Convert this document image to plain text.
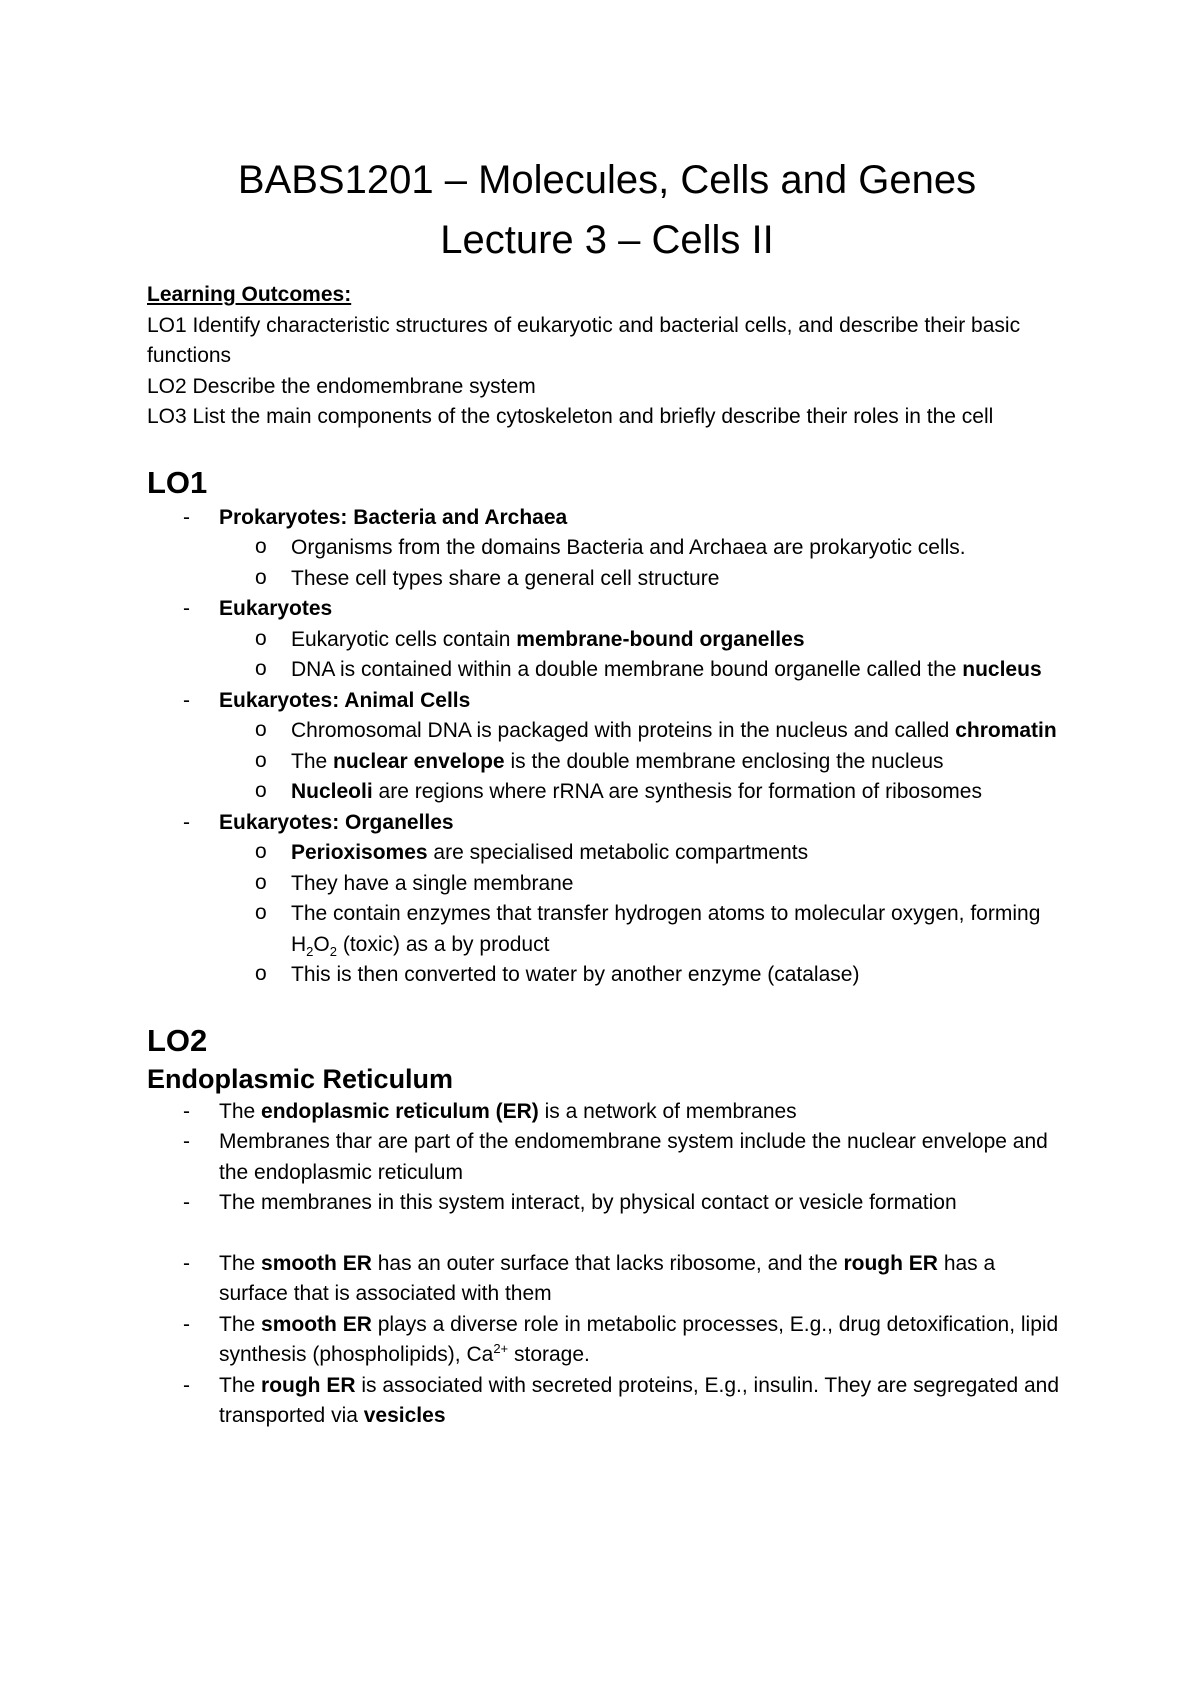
BABS1201 – Molecules, Cells and Genes

Lecture 3 – Cells II

Learning Outcomes:

LO1 Identify characteristic structures of eukaryotic and bacterial cells, and describe their basic functions

LO2 Describe the endomembrane system

LO3 List the main components of the cytoskeleton and briefly describe their roles in the cell

LO1
- Prokaryotes: Bacteria and Archaea
o Organisms from the domains Bacteria and Archaea are prokaryotic cells.
o These cell types share a general cell structure
- Eukaryotes
o Eukaryotic cells contain membrane-bound organelles
o DNA is contained within a double membrane bound organelle called the nucleus
- Eukaryotes: Animal Cells
o Chromosomal DNA is packaged with proteins in the nucleus and called chromatin
o The nuclear envelope is the double membrane enclosing the nucleus
o Nucleoli are regions where rRNA are synthesis for formation of ribosomes
- Eukaryotes: Organelles
o Perioxisomes are specialised metabolic compartments
o They have a single membrane
o The contain enzymes that transfer hydrogen atoms to molecular oxygen, forming $H_2O_2$ (toxic) as a by product
o This is then converted to water by another enzyme (catalase)
LO2
Endoplasmic Reticulum
- The endoplasmic reticulum (ER) is a network of membranes
- Membranes thar are part of the endomembrane system include the nuclear envelope and the endoplasmic reticulum
- The membranes in this system interact, by physical contact or vesicle formation
- The smooth ER has an outer surface that lacks ribosome, and the rough ER has a surface that is associated with them
- The smooth ER plays a diverse role in metabolic processes, E.g., drug detoxification, lipid synthesis (phospholipids), $Ca^{2+}$ storage.
- The rough ER is associated with secreted proteins, E.g., insulin. They are segregated and transported via vesicles
